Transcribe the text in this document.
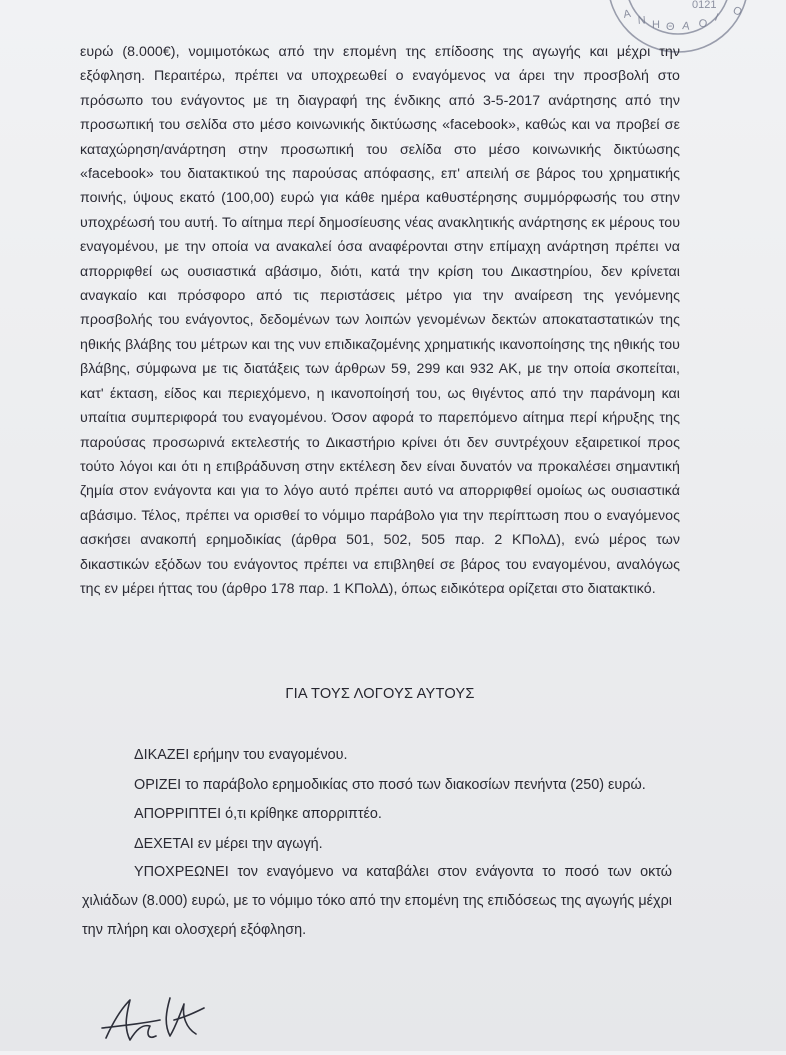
Α Ν Η Θ Α Ο Ι Ο
0121

ευρώ (8.000€), νομιμοτόκως από την επομένη της επίδοσης της αγωγής και μέχρι την εξόφληση. Περαιτέρω, πρέπει να υποχρεωθεί ο εναγόμενος να άρει την προσβολή στο πρόσωπο του ενάγοντος με τη διαγραφή της ένδικης από 3-5-2017 ανάρτησης από την προσωπική του σελίδα στο μέσο κοινωνικής δικτύωσης «facebook», καθώς και να προβεί σε καταχώρηση/ανάρτηση στην προσωπική του σελίδα στο μέσο κοινωνικής δικτύωσης «facebook» του διατακτικού της παρούσας απόφασης, επ' απειλή σε βάρος του χρηματικής ποινής, ύψους εκατό (100,00) ευρώ για κάθε ημέρα καθυστέρησης συμμόρφωσής του στην υποχρέωσή του αυτή. Το αίτημα περί δημοσίευσης νέας ανακλητικής ανάρτησης εκ μέρους του εναγομένου, με την οποία να ανακαλεί όσα αναφέρονται στην επίμαχη ανάρτηση πρέπει να απορριφθεί ως ουσιαστικά αβάσιμο, διότι, κατά την κρίση του Δικαστηρίου, δεν κρίνεται αναγκαίο και πρόσφορο από τις περιστάσεις μέτρο για την αναίρεση της γενόμενης προσβολής του ενάγοντος, δεδομένων των λοιπών γενομένων δεκτών αποκαταστατικών της ηθικής βλάβης του μέτρων και της νυν επιδικαζομένης χρηματικής ικανοποίησης της ηθικής του βλάβης, σύμφωνα με τις διατάξεις των άρθρων 59, 299 και 932 ΑΚ, με την οποία σκοπείται, κατ' έκταση, είδος και περιεχόμενο, η ικανοποίησή του, ως θιγέντος από την παράνομη και υπαίτια συμπεριφορά του εναγομένου. Όσον αφορά το παρεπόμενο αίτημα περί κήρυξης της παρούσας προσωρινά εκτελεστής το Δικαστήριο κρίνει ότι δεν συντρέχουν εξαιρετικοί προς τούτο λόγοι και ότι η επιβράδυνση στην εκτέλεση δεν είναι δυνατόν να προκαλέσει σημαντική ζημία στον ενάγοντα και για το λόγο αυτό πρέπει αυτό να απορριφθεί ομοίως ως ουσιαστικά αβάσιμο. Τέλος, πρέπει να ορισθεί το νόμιμο παράβολο για την περίπτωση που ο εναγόμενος ασκήσει ανακοπή ερημοδικίας (άρθρα 501, 502, 505 παρ. 2 ΚΠολΔ), ενώ μέρος των δικαστικών εξόδων του ενάγοντος πρέπει να επιβληθεί σε βάρος του εναγομένου, αναλόγως της εν μέρει ήττας του (άρθρο 178 παρ. 1 ΚΠολΔ), όπως ειδικότερα ορίζεται στο διατακτικό.

ΓΙΑ ΤΟΥΣ ΛΟΓΟΥΣ ΑΥΤΟΥΣ

ΔΙΚΑΖΕΙ ερήμην του εναγομένου.

ΟΡΙΖΕΙ το παράβολο ερημοδικίας στο ποσό των διακοσίων πενήντα (250) ευρώ.

ΑΠΟΡΡΙΠΤΕΙ ό,τι κρίθηκε απορριπτέο.

ΔΕΧΕΤΑΙ εν μέρει την αγωγή.

ΥΠΟΧΡΕΩΝΕΙ τον εναγόμενο να καταβάλει στον ενάγοντα το ποσό των οκτώ χιλιάδων (8.000) ευρώ, με το νόμιμο τόκο από την επομένη της επιδόσεως της αγωγής μέχρι την πλήρη και ολοσχερή εξόφληση.
